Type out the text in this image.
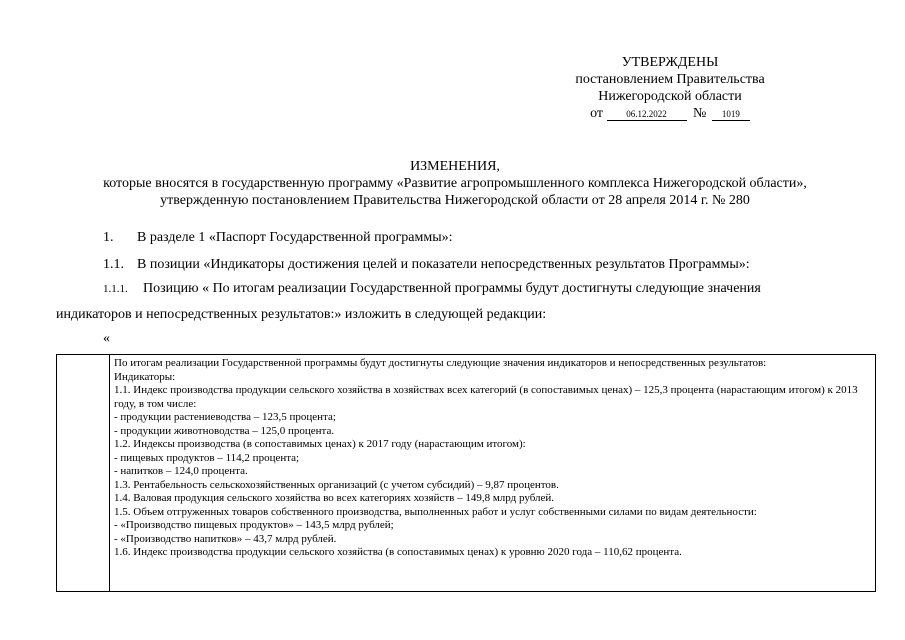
УТВЕРЖДЕНЫ
постановлением Правительства
Нижегородской области
от	06.12.2022 № 1019
ИЗМЕНЕНИЯ,
которые вносятся в государственную программу «Развитие агропромышленного комплекса Нижегородской области»,
утвержденную постановлением Правительства Нижегородской области от 28 апреля 2014 г. № 280
1. В разделе 1 «Паспорт Государственной программы»:
1.1. В позиции «Индикаторы достижения целей и показатели непосредственных результатов Программы»:
1.1.1. Позицию « По итогам реализации Государственной программы будут достигнуты следующие значения
индикаторов и непосредственных результатов:» изложить в следующей редакции:
«
По итогам реализации Государственной программы будут достигнуты следующие значения индикаторов и непосредственных результатов:
Индикаторы:
1.1. Индекс производства продукции сельского хозяйства в хозяйствах всех категорий (в сопоставимых ценах) – 125,3 процента (нарастающим итогом) к 2013 году, в том числе:
- продукции растениеводства – 123,5 процента;
- продукции животноводства – 125,0 процента.
1.2. Индексы производства (в сопоставимых ценах) к 2017 году (нарастающим итогом):
- пищевых продуктов – 114,2 процента;
- напитков – 124,0 процента.
1.3. Рентабельность сельскохозяйственных организаций (с учетом субсидий) – 9,87 процентов.
1.4. Валовая продукция сельского хозяйства во всех категориях хозяйств – 149,8 млрд рублей.
1.5. Объем отгруженных товаров собственного производства, выполненных работ и услуг собственными силами по видам деятельности:
- «Производство пищевых продуктов» – 143,5 млрд рублей;
- «Производство напитков» – 43,7 млрд рублей.
1.6. Индекс производства продукции сельского хозяйства (в сопоставимых ценах) к уровню 2020 года – 110,62 процента.
